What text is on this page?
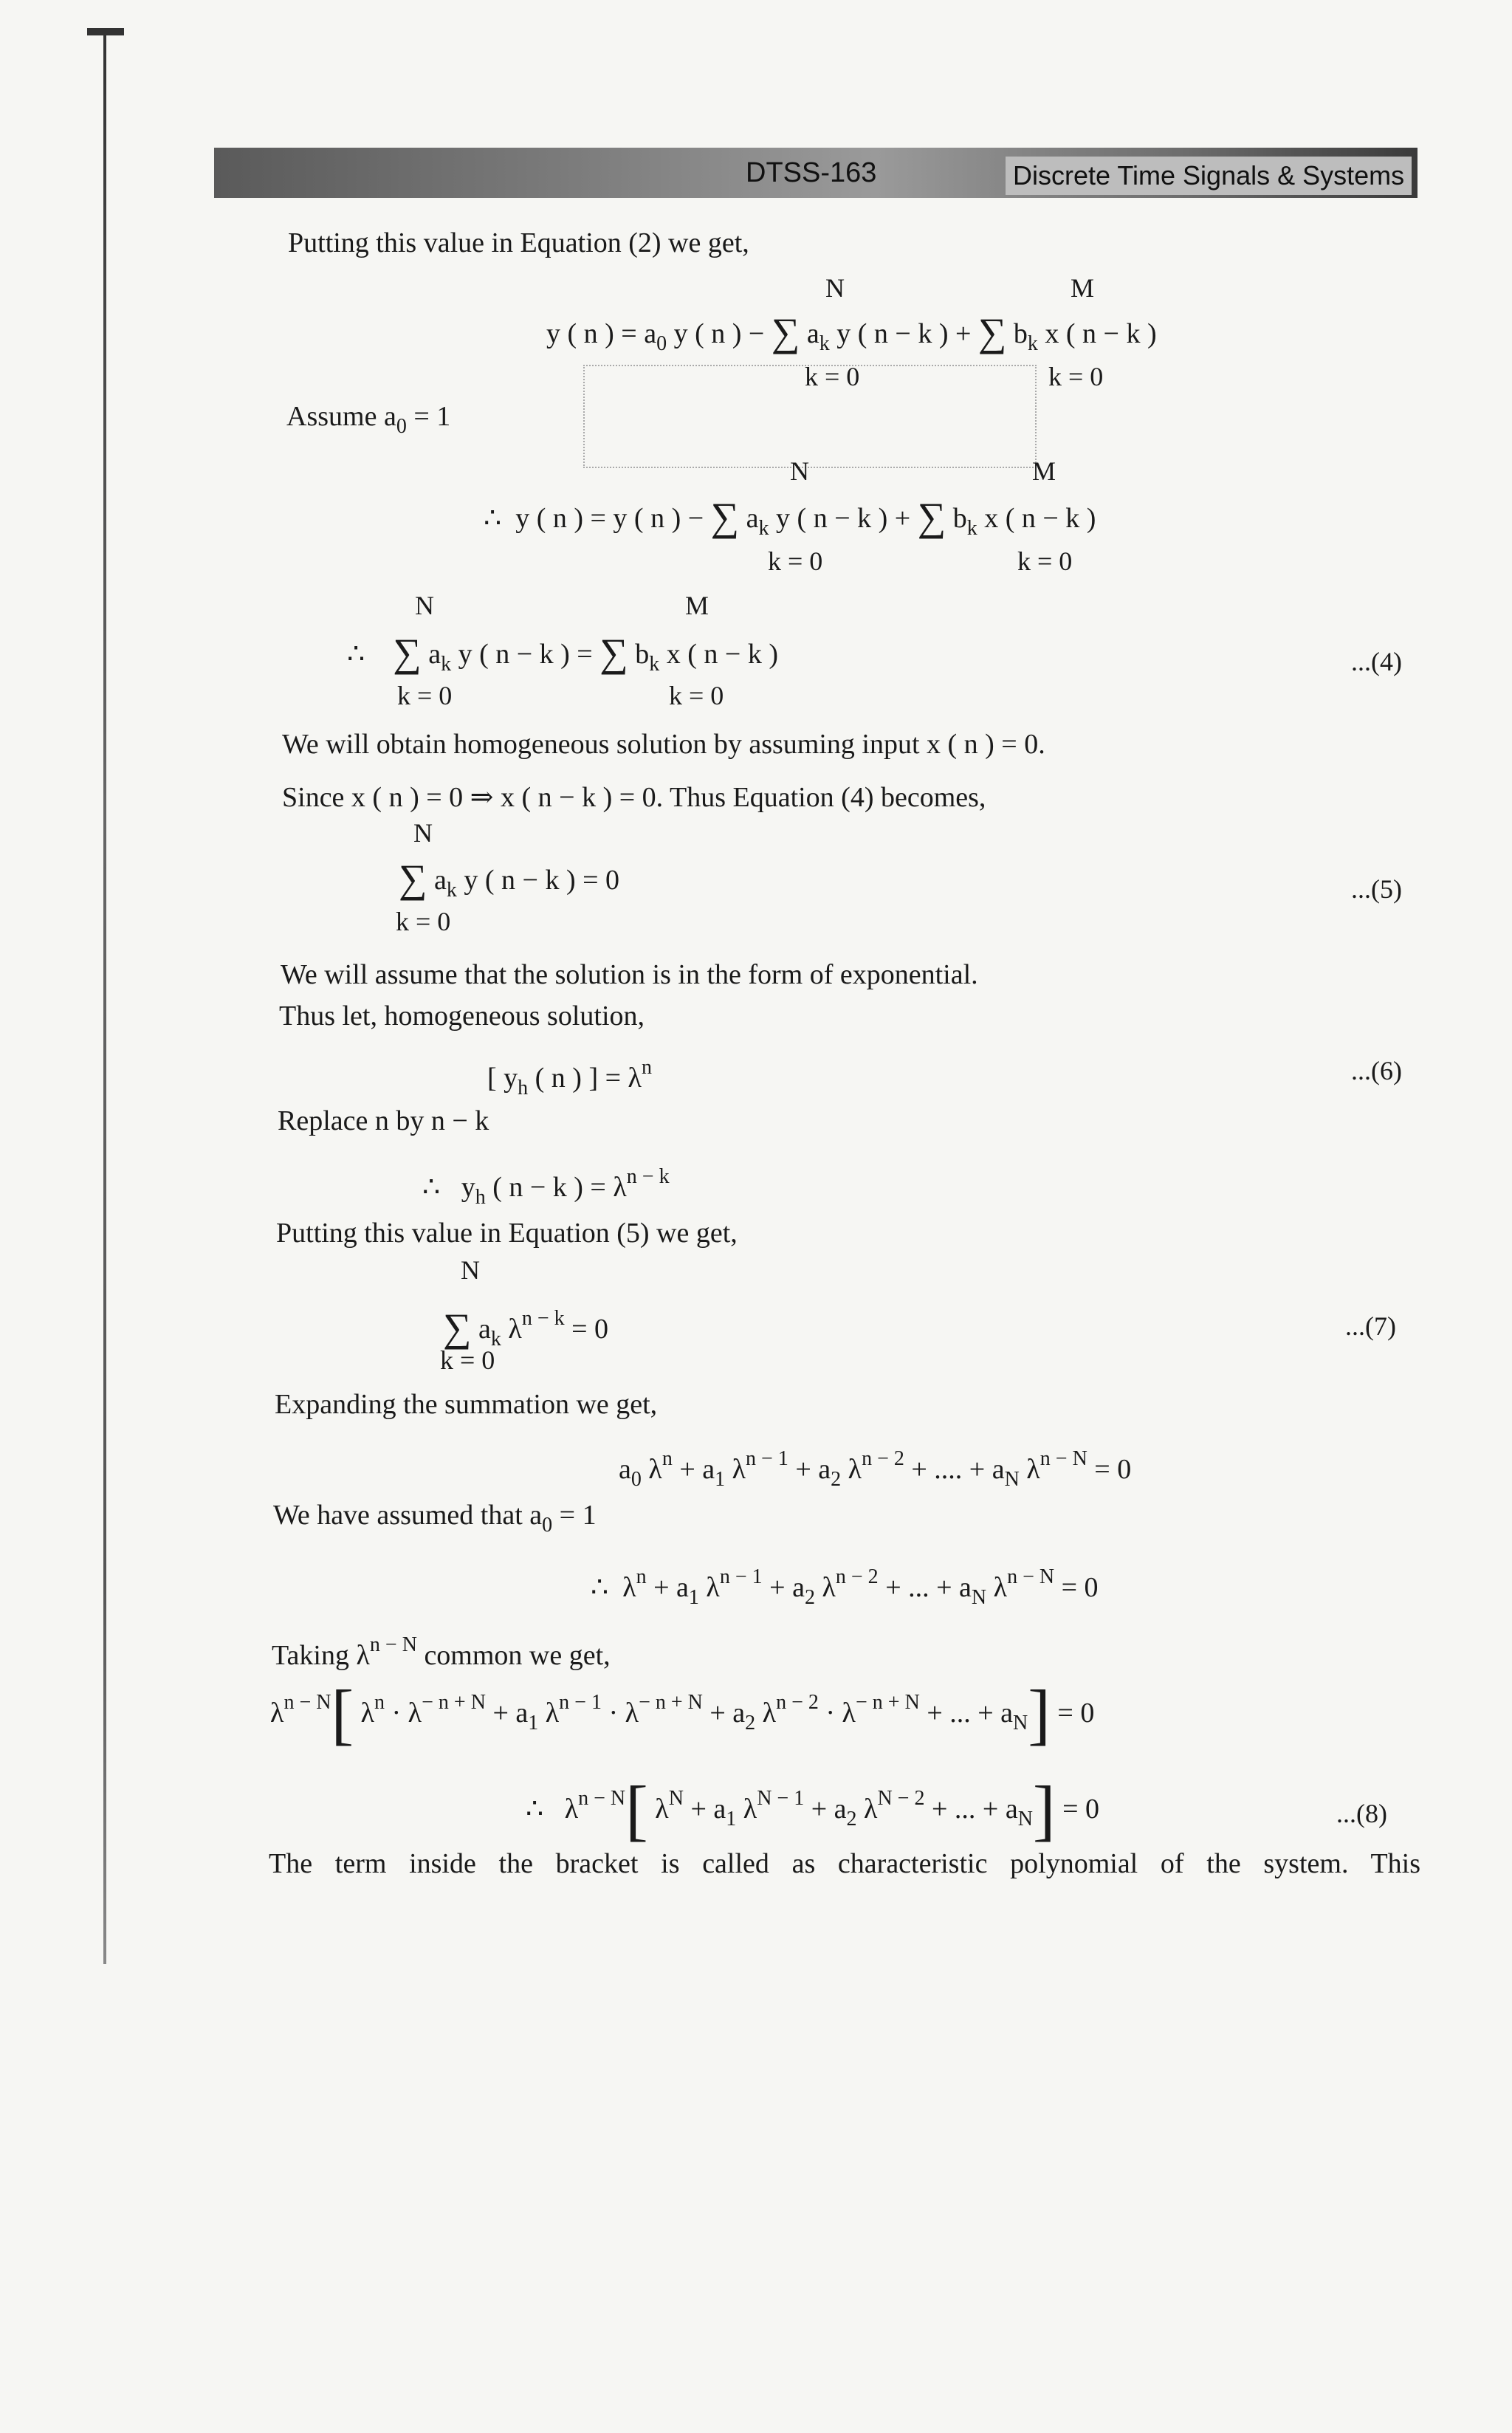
DTSS-163	Discrete Time Signals & Systems
Putting this value in Equation (2) we get,
N	M
y ( n ) = $a_0$ y ( n ) − ∑ $a_k$ y ( n − k ) + ∑ $b_k$ x ( n − k )
k = 0	k = 0
Assume $a_0 = 1$
N	M
∴ y ( n ) = y ( n ) − ∑ $a_k$ y ( n − k ) + ∑ $b_k$ x ( n − k )
k = 0	k = 0
N	M
∴ ∑ $a_k$ y ( n − k ) = ∑ $b_k$ x ( n − k )	...(4)
k = 0	k = 0
We will obtain homogeneous solution by assuming input x ( n ) = 0.
Since x ( n ) = 0 ⇒ x ( n − k ) = 0. Thus Equation (4) becomes,
N
∑ $a_k$ y ( n − k ) = 0	...(5)
k = 0
We will assume that the solution is in the form of exponential.
Thus let, homogeneous solution,
[ $y_h$ ( n ) ] = $\lambda^n$	...(6)
Replace n by n − k
∴ $y_h$ ( n − k ) = $\lambda^{n - k}$
Putting this value in Equation (5) we get,
N
∑ $a_k$ $\lambda^{n - k} = 0$	...(7)
k = 0
Expanding the summation we get,
$a_0$ $\lambda^n + a_1$ $\lambda^{n - 1} + a_2$ $\lambda^{n - 2}$ + .... + $a_N$ $\lambda^{n - N} = 0$
We have assumed that $a_0 = 1$
∴ $\lambda^n + a_1$ $\lambda^{n - 1} + a_2$ $\lambda^{n - 2}$ + ... + $a_N$ $\lambda^{n - N} = 0$
Taking $\lambda^{n - N}$ common we get,
$\lambda^{n - N}$[ $\lambda^n \cdot \lambda^{- n + N} + a_1$ $\lambda^{n - 1} \cdot \lambda^{- n + N} + a_2$ $\lambda^{n - 2} \cdot \lambda^{- n + N}$ + ... + $a_N] = 0$
∴ $\lambda^{n - N}$[ $\lambda^N + a_1$ $\lambda^{N - 1} + a_2$ $\lambda^{N - 2}$ + ... + $a_N] = 0$	...(8)
The term inside the bracket is called as characteristic polynomial of the system. This
